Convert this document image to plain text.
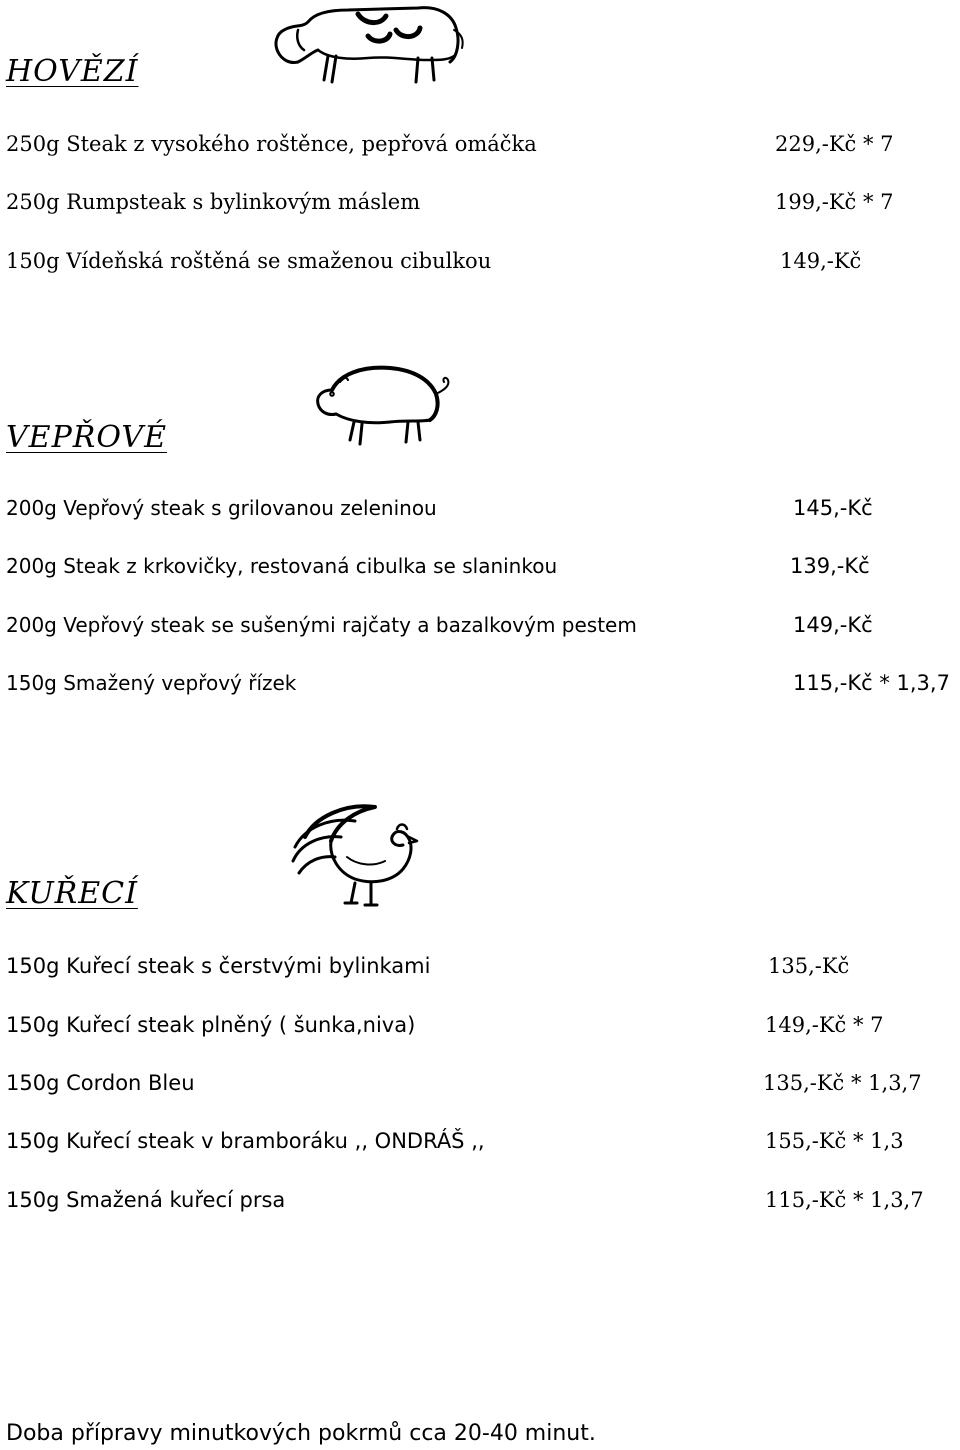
HOVĚZÍ

250g Steak z vysokého roštěnce, pepřová omáčka	229,-Kč * 7

250g Rumpsteak s bylinkovým máslem	199,-Kč * 7

150g Vídeňská roštěná se smaženou cibulkou	149,-Kč

VEPŘOVÉ

200g Vepřový steak s grilovanou zeleninou	145,-Kč

200g Steak z krkovičky, restovaná cibulka se slaninkou	139,-Kč

200g Vepřový steak se sušenými rajčaty a bazalkovým pestem	149,-Kč

150g Smažený vepřový řízek	115,-Kč * 1,3,7

KUŘECÍ

150g Kuřecí steak s čerstvými bylinkami	135,-Kč

150g Kuřecí steak plněný ( šunka,niva)	149,-Kč * 7

150g Cordon Bleu	135,-Kč * 1,3,7

150g Kuřecí steak v bramboráku ,, ONDRÁŠ ,,	155,-Kč * 1,3

150g Smažená kuřecí prsa	115,-Kč * 1,3,7

Doba přípravy minutkových pokrmů cca 20-40 minut.
